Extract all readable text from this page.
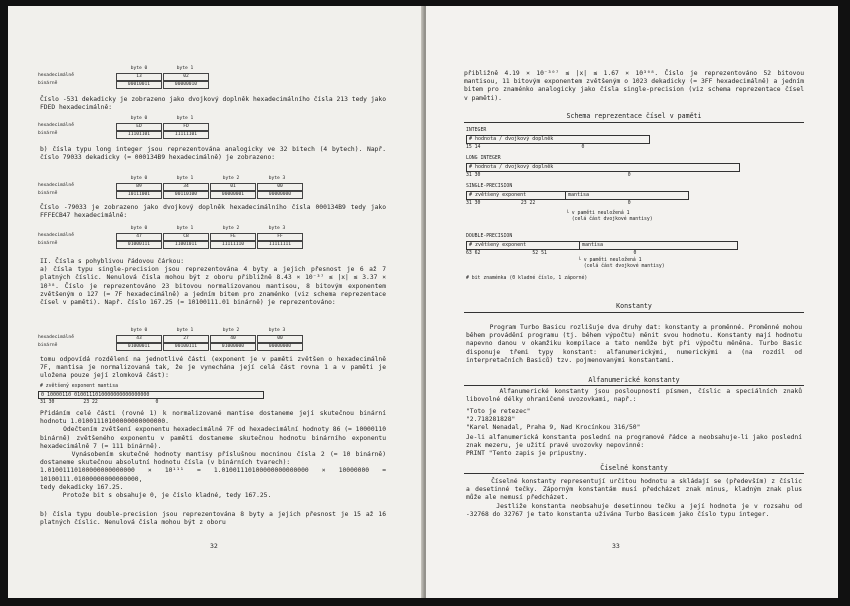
byte 0	byte 1
hexadecimálně	13	02
binárně	00010011	00000010
Číslo -531 dekadicky je zobrazeno jako dvojkový doplněk hexadecimálního čísla 213 tedy jako FDED hexadecimálně:
byte 0	byte 1
hexadecimálně	ED	FD
binárně	11101101	11111101
b) čísla typu long integer jsou reprezentována analogicky ve 32 bitech (4 bytech). Např. číslo 79033 dekadicky (= 000134B9 hexadecimálně) je zobrazeno:
byte 0	byte 1	byte 2	byte 3
hexadecimálně	B9	34	01	00
binárně	10111001	00110100	00000001	00000000
Číslo -79033 je zobrazeno jako dvojkový doplněk hexadecimálního čísla 000134B9 tedy jako FFFECB47 hexadecimálně:
byte 0	byte 1	byte 2	byte 3
hexadecimálně	47	CB	FE	FF
binárně	01000111	11001011	11111110	11111111
II. Čísla s pohyblivou řádovou čárkou:
a) čísla typu single-precision jsou reprezentována 4 byty a jejich přesnost je 6 až 7 platných číslic. Nenulová čísla mohou být z oboru přibližně 8.43 × 10⁻³⁷ ≤ |x| ≤ 3.37 × 10³⁸. Číslo je reprezentováno 23 bitovou normalizovanou mantisou, 8 bitovým exponentem zvětšeným o 127 (= 7F hexadecimálně) a jedním bitem pro znaménko (viz schema reprezentace čísel v paměti). Např. číslo 167.25 (= 10100111.01 binárně) je reprezentováno:
byte 0	byte 1	byte 2	byte 3
hexadecimálně	43	27	40	00
binárně	01000011	00100111	01000000	00000000
tomu odpovídá rozdělení na jednotlivé části (exponent je v paměti zvětšen o hexadecimálně 7F, mantisa je normalizovaná tak, že je vynechána její celá část rovna 1 a v paměti je uložena pouze její zlomková část):
# zvětšený exponent mantisa
0 10000110 0100111010000000000000000
31 30          23 22                    0
Přidáním celé části (rovné 1) k normalizované mantise dostaneme její skutečnou binární hodnotu 1.01001110100000000000000.
Odečtením zvětšení exponentu hexadecimálně 7F od hexadecimální hodnoty 86 (= 10000110 binárně) zvětšeného exponentu v paměti dostaneme skutečnou hodnotu binárního exponentu hexadecimálně 7 (= 111 binárně).
Vynásobením skutečné hodnoty mantisy příslušnou mocninou čísla 2 (= 10 binárně) dostaneme skutečnou absolutní hodnotu čísla (v binárních tvarech):
1.01001110100000000000000 × 10¹¹¹ = 1.01001110100000000000000 × 10000000 = 10100111.01000000000000000,
tedy dekadicky 167.25.
Protože bit s obsahuje 0, je číslo kladné, tedy 167.25.
b) čísla typu double-precision jsou reprezentována 8 byty a jejich přesnost je 15 až 16 platných číslic. Nenulová čísla mohou být z oboru
32
přibližně 4.19 × 10⁻³⁰⁷ ≤ |x| ≤ 1.67 × 10³⁰⁸. Číslo je reprezentováno 52 bitovou mantisou, 11 bitovým exponentem zvětšeným o 1023 dekadicky (= 3FF hexadecimálně) a jedním bitem pro znaménko analogicky jako čísla single-precision (viz schema reprezentace čísel v paměti).
Schema reprezentace čísel v paměti
INTEGER
# hodnota / dvojkový doplněk
15 14                                   0
LONG INTEGER
# hodnota / dvojkový doplněk
31 30                                                   0
SINGLE-PRECISION
# zvětšený exponent	mantisa
31 30              23 22                                0
└ v paměti neuložená 1
(celá část dvojkové mantisy)
DOUBLE-PRECISION
# zvětšený exponent	mantisa
63 62                  52 51                              0
└ v paměti neuložená 1
(celá část dvojkové mantisy)
# bit znaménka (0 kladné číslo, 1 záporné)
Konstanty
Program Turbo Basicu rozlišuje dva druhy dat: konstanty a proměnné. Proměnné mohou během provádění programu (tj. během výpočtu) měnit svou hodnotu. Konstanty mají hodnotu napevno danou v okamžiku kompilace a tato nemůže být při výpočtu měněna. Turbo Basic disponuje třemi typy konstant: alfanumerickými, numerickými a (na rozdíl od interpretačních Basiců) tzv. pojmenovanými konstantami.
Alfanumerické konstanty
Alfanumerické konstanty jsou posloupností písmen, číslic a speciálních znaků libovolné délky ohraničené uvozovkami, např.:
"Toto je retezec"
"2.718281828"
"Karel Nenadal, Praha 9, Nad Krocínkou 316/50"
Je-li alfanumerická konstanta poslední na programové řádce a neobsahuje-li jako poslední znak mezeru, je užití pravé uvozovky nepovinné:
PRINT "Tento zapis je pripustny.
Číselné konstanty
Číselné konstanty representují určitou hodnotu a skládají se (především) z číslic a desetinné tečky. Záporným konstantám musí předcházet znak minus, kladným znak plus může ale nemusí předcházet.
Jestliže konstanta neobsahuje desetinnou tečku a její hodnota je v rozsahu od -32768 do 32767 je tato konstanta užívána Turbo Basicem jako číslo typu integer.
33
